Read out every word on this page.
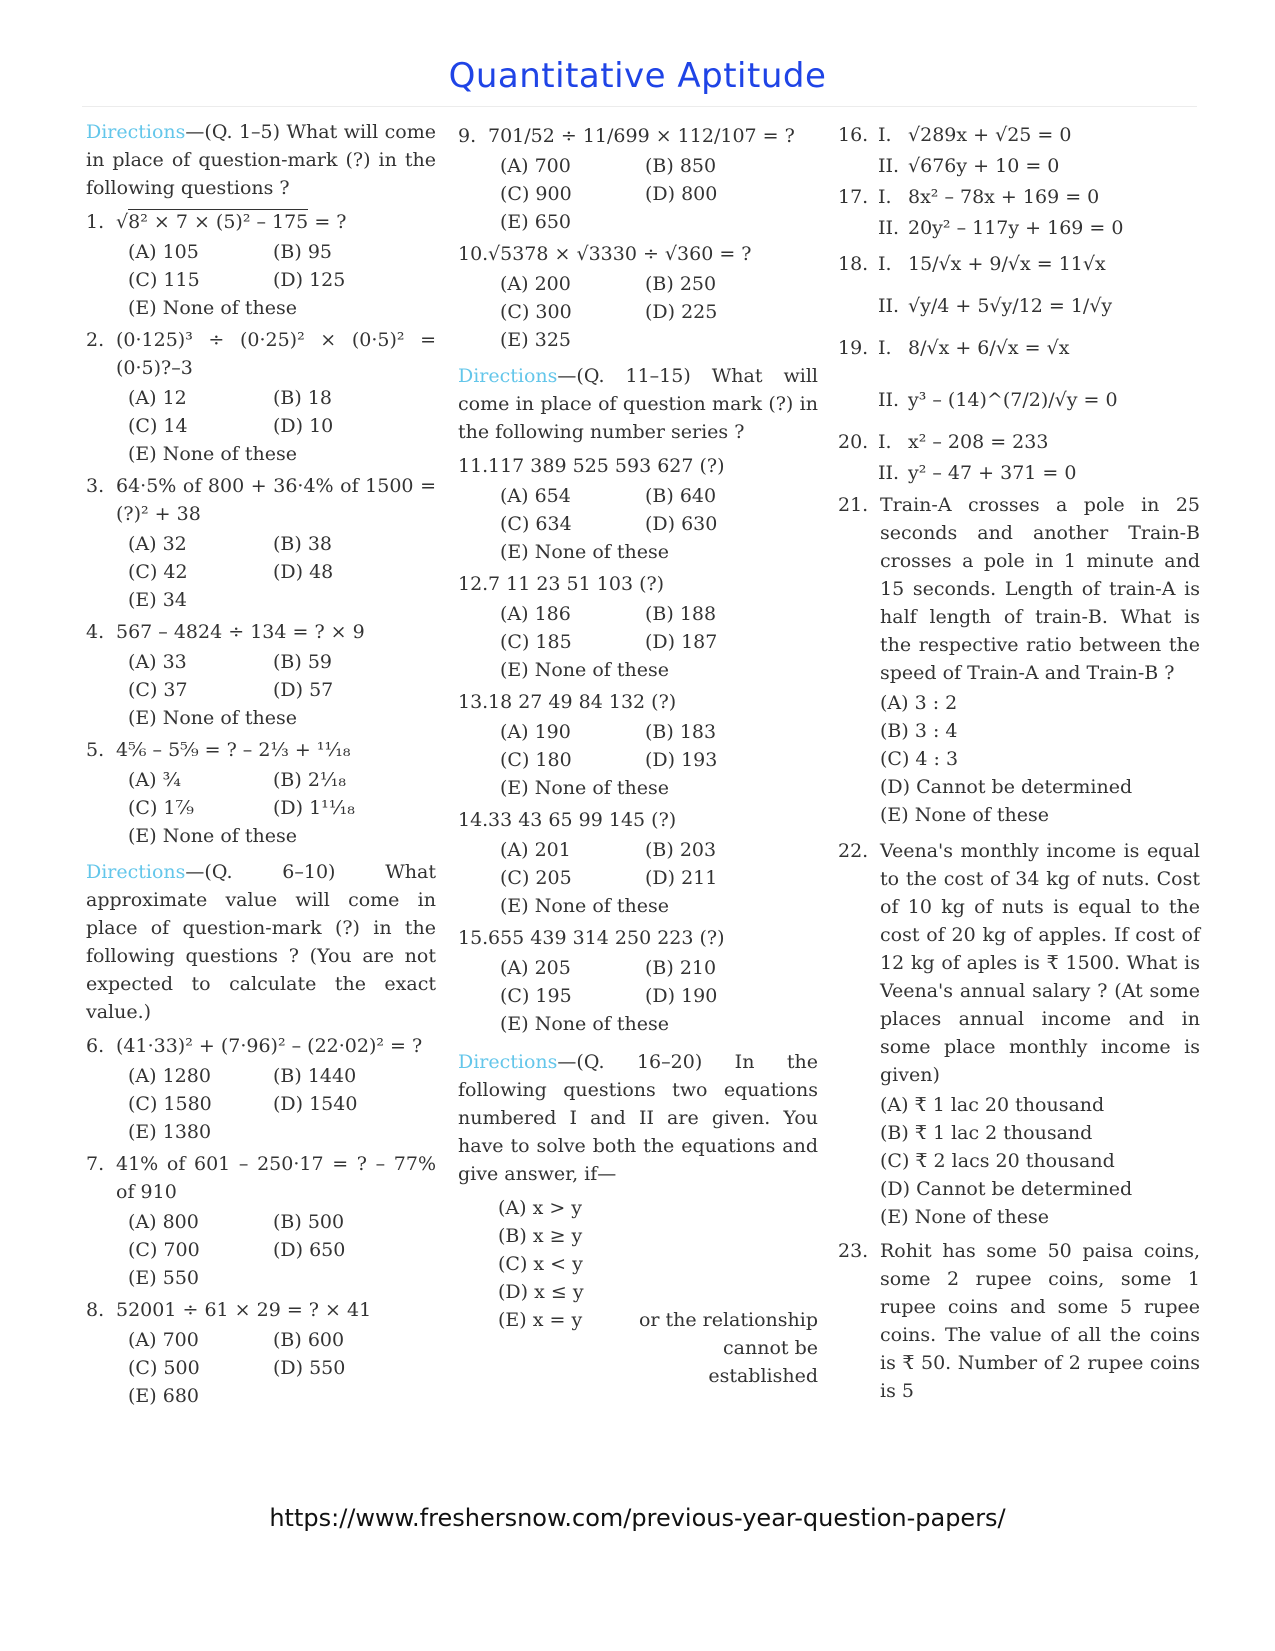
Quantitative Aptitude

Directions—(Q. 1–5) What will come in place of question-mark (?) in the following questions ?

1. √8² × 7 × (5)² – 175 = ?
(A) 105	(B) 95
(C) 115	(D) 125
(E) None of these
2. (0·125)³ ÷ (0·25)² × (0·5)² = (0·5)?–3
(A) 12	(B) 18
(C) 14	(D) 10
(E) None of these
3. 64·5% of 800 + 36·4% of 1500 = (?)² + 38
(A) 32	(B) 38
(C) 42	(D) 48
(E) 34
4. 567 – 4824 ÷ 134 = ? × 9
(A) 33	(B) 59
(C) 37	(D) 57
(E) None of these
5. 4⁵⁄₆ – 5⁵⁄₉ = ? – 2¹⁄₃ + ¹¹⁄₁₈
(A) ³⁄₄	(B) 2¹⁄₁₈
(C) 1⁷⁄₉	(D) 1¹¹⁄₁₈
(E) None of these

Directions—(Q. 6–10) What approximate value will come in place of question-mark (?) in the following questions ? (You are not expected to calculate the exact value.)

6. (41·33)² + (7·96)² – (22·02)² = ?
(A) 1280	(B) 1440
(C) 1580	(D) 1540
(E) 1380
7. 41% of 601 – 250·17 = ? – 77% of 910
(A) 800	(B) 500
(C) 700	(D) 650
(E) 550
8. 52001 ÷ 61 × 29 = ? × 41
(A) 700	(B) 600
(C) 500	(D) 550
(E) 680
9. 701/52 ÷ 11/699 × 112/107 = ?
(A) 700	(B) 850
(C) 900	(D) 800
(E) 650
10. √5378 × √3330 ÷ √360 = ?
(A) 200	(B) 250
(C) 300	(D) 225
(E) 325

Directions—(Q. 11–15) What will come in place of question mark (?) in the following number series ?

11. 117 389 525 593 627 (?)
(A) 654	(B) 640
(C) 634	(D) 630
(E) None of these
12. 7 11 23 51 103 (?)
(A) 186	(B) 188
(C) 185	(D) 187
(E) None of these
13. 18 27 49 84 132 (?)
(A) 190	(B) 183
(C) 180	(D) 193
(E) None of these
14. 33 43 65 99 145 (?)
(A) 201	(B) 203
(C) 205	(D) 211
(E) None of these
15. 655 439 314 250 223 (?)
(A) 205	(B) 210
(C) 195	(D) 190
(E) None of these

Directions—(Q. 16–20) In the following questions two equations numbered I and II are given. You have to solve both the equations and give answer, if—

(A) x > y
(B) x ≥ y
(C) x < y
(D) x ≤ y
(E) x = y	or the relationship cannot be established
16. I. √289x + √25 = 0
II. √676y + 10 = 0
17. I. 8x² – 78x + 169 = 0
II. 20y² – 117y + 169 = 0
18. I. 15/√x + 9/√x = 11√x
II. √y/4 + 5√y/12 = 1/√y
19. I. 8/√x + 6/√x = √x
II. y³ – (14)^(7/2)/√y = 0
20. I. x² – 208 = 233
II. y² – 47 + 371 = 0
21. Train-A crosses a pole in 25 seconds and another Train-B crosses a pole in 1 minute and 15 seconds. Length of train-A is half length of train-B. What is the respective ratio between the speed of Train-A and Train-B ?
(A) 3 : 2
(B) 3 : 4
(C) 4 : 3
(D) Cannot be determined
(E) None of these
22. Veena's monthly income is equal to the cost of 34 kg of nuts. Cost of 10 kg of nuts is equal to the cost of 20 kg of apples. If cost of 12 kg of aples is ₹ 1500. What is Veena's annual salary ? (At some places annual income and in some place monthly income is given)
(A) ₹ 1 lac 20 thousand
(B) ₹ 1 lac 2 thousand
(C) ₹ 2 lacs 20 thousand
(D) Cannot be determined
(E) None of these
23. Rohit has some 50 paisa coins, some 2 rupee coins, some 1 rupee coins and some 5 rupee coins. The value of all the coins is ₹ 50. Number of 2 rupee coins is 5
https://www.freshersnow.com/previous-year-question-papers/
